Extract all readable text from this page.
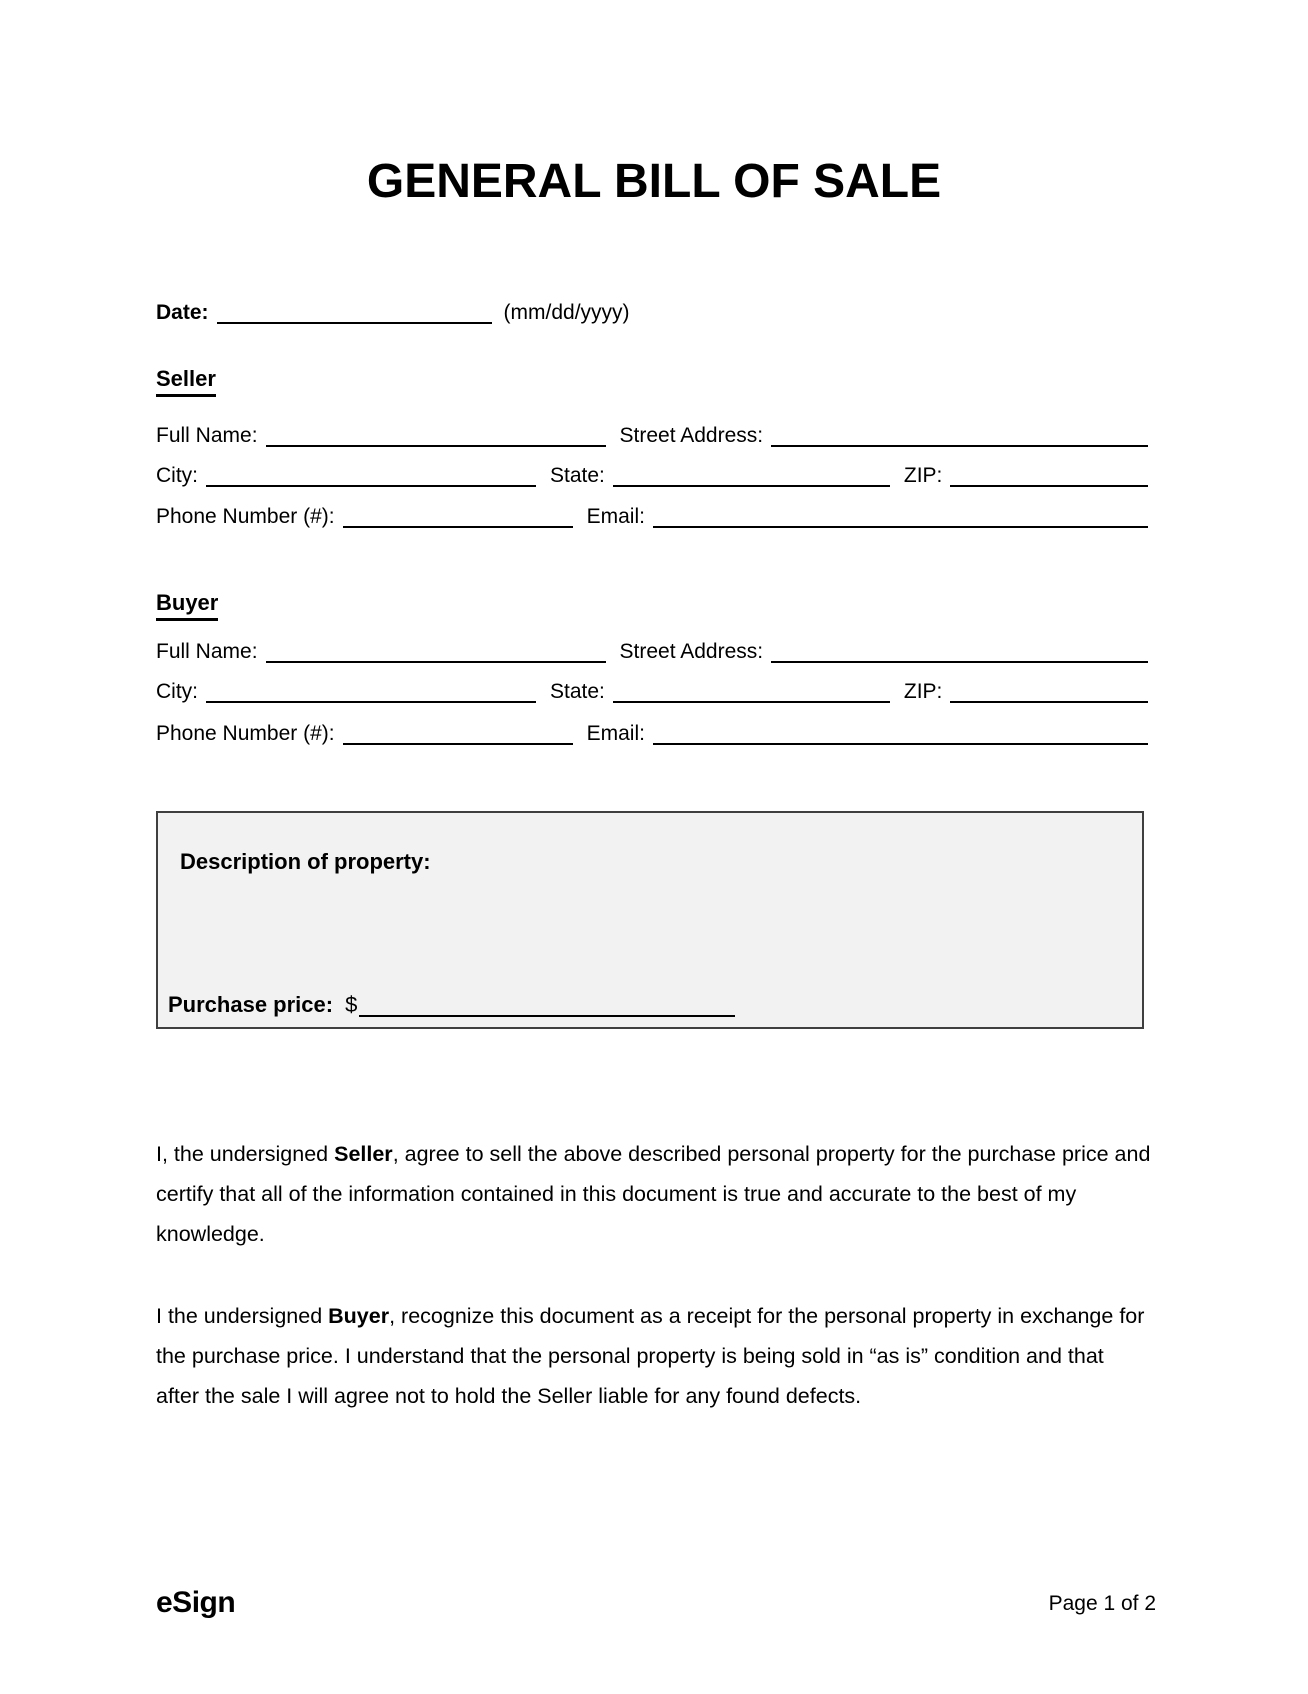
GENERAL BILL OF SALE
Date:	(mm/dd/yyyy)
Seller
Full Name:	Street Address:
City:	State:	ZIP:
Phone Number (#):	Email:
Buyer
Full Name:	Street Address:
City:	State:	ZIP:
Phone Number (#):	Email:
Description of property:
Purchase price: $

I, the undersigned Seller, agree to sell the above described personal property for the purchase price and certify that all of the information contained in this document is true and accurate to the best of my knowledge.

I the undersigned Buyer, recognize this document as a receipt for the personal property in exchange for the purchase price. I understand that the personal property is being sold in “as is” condition and that after the sale I will agree not to hold the Seller liable for any found defects.

eSign	Page 1 of 2
